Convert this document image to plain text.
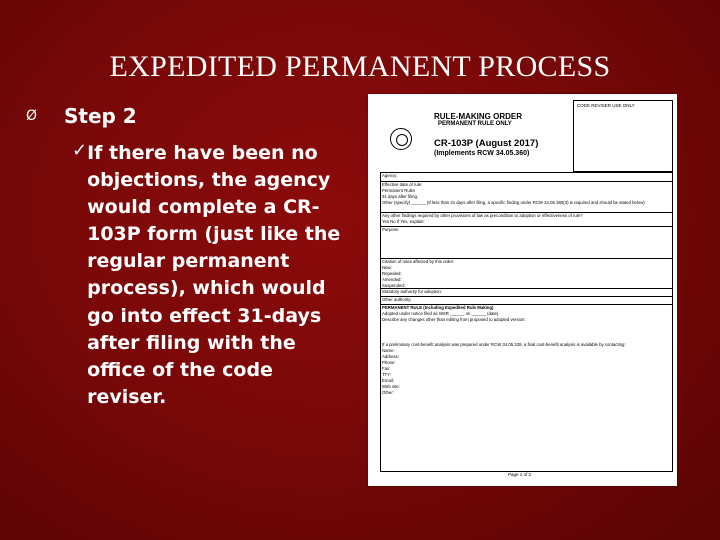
EXPEDITED PERMANENT PROCESS
Ø	Step 2
✓ If there have been no objections, the agency would complete a CR-103P form (just like the regular permanent process), which would go into effect 31-days after filing with the office of the code reviser.
CODE REVISER USE ONLY
RULE-MAKING ORDER
PERMANENT RULE ONLY
CR-103P (August 2017)
(Implements RCW 34.05.360)
Agency:
Effective date of rule:
Permanent Rules
31 days after filing.
Other (specify) ______ (If less than 31 days after filing, a specific finding under RCW 34.05.380(3) is required and should be stated below)
Any other findings required by other provisions of law as precondition to adoption or effectiveness of rule?
Yes No If Yes, explain:
Purpose:
Citation of rules affected by this order:
New:
Repealed:
Amended:
Suspended:
Statutory authority for adoption:
Other authority:
PERMANENT RULE (Including Expedited Rule Making)
Adopted under notice filed as WSR ______ on ______ (date).
Describe any changes other than editing from proposed to adopted version:
If a preliminary cost-benefit analysis was prepared under RCW 34.05.328, a final cost-benefit analysis is available by contacting:
Name:
Address:
Phone:
Fax:
TTY:
Email:
Web site:
Other:
Page 1 of 2
